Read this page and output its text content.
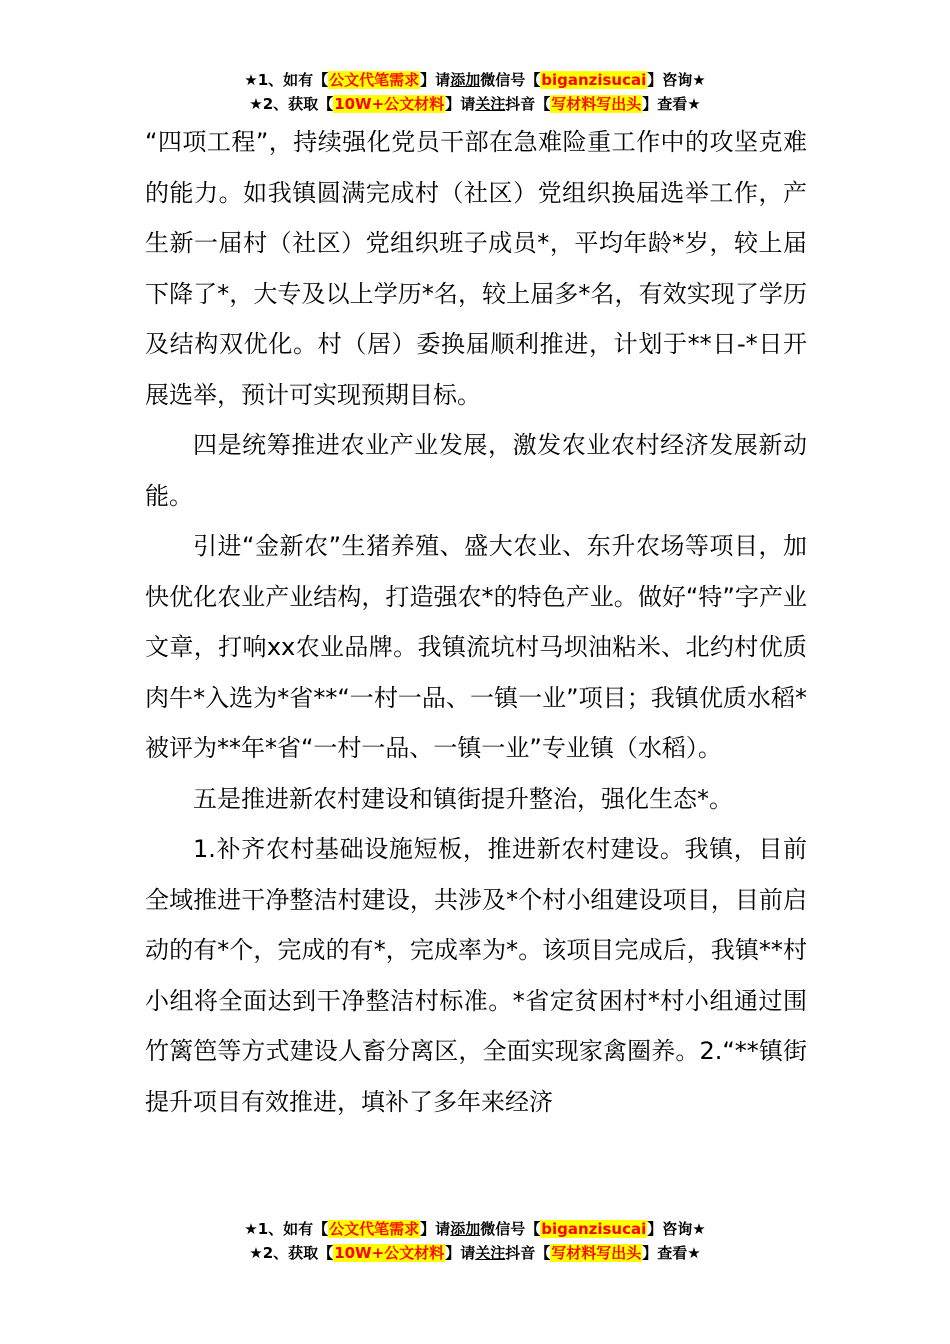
★1、如有【公文代笔需求】请添加微信号【biganzisucai】咨询★
★2、获取【10W+公文材料】请关注抖音【写材料写出头】查看★

“四项工程”，持续强化党员干部在急难险重工作中的攻坚克难的能力。如我镇圆满完成村（社区）党组织换届选举工作，产生新一届村（社区）党组织班子成员*，平均年龄*岁，较上届下降了*，大专及以上学历*名，较上届多*名，有效实现了学历及结构双优化。村（居）委换届顺利推进，计划于**日-*日开展选举，预计可实现预期目标。

四是统筹推进农业产业发展，激发农业农村经济发展新动能。

引进“金新农”生猪养殖、盛大农业、东升农场等项目，加快优化农业产业结构，打造强农*的特色产业。做好“特”字产业文章，打响xx农业品牌。我镇流坑村马坝油粘米、北约村优质肉牛*入选为*省**“一村一品、一镇一业”项目；我镇优质水稻*被评为**年*省“一村一品、一镇一业”专业镇（水稻）。

五是推进新农村建设和镇街提升整治，强化生态*。

1.补齐农村基础设施短板，推进新农村建设。我镇，目前全域推进干净整洁村建设，共涉及*个村小组建设项目，目前启动的有*个，完成的有*，完成率为*。该项目完成后，我镇**村小组将全面达到干净整洁村标准。*省定贫困村*村小组通过围竹篱笆等方式建设人畜分离区，全面实现家禽圈养。2.“**镇街提升项目有效推进，填补了多年来经济

★1、如有【公文代笔需求】请添加微信号【biganzisucai】咨询★
★2、获取【10W+公文材料】请关注抖音【写材料写出头】查看★
